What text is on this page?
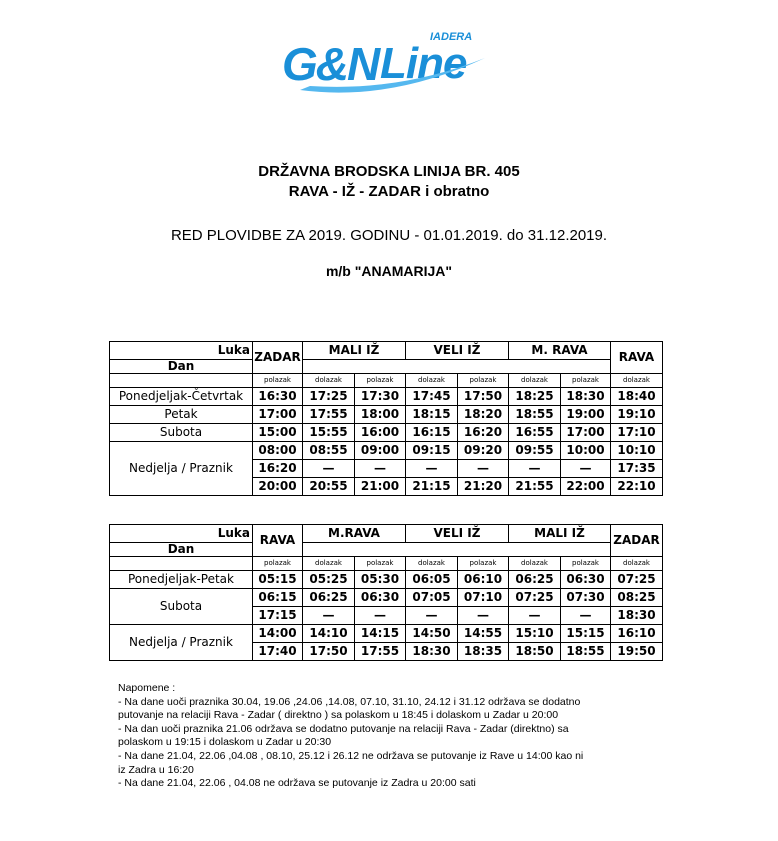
G&N Line
IADERA
DRŽAVNA BRODSKA LINIJA BR. 405
RAVA - IŽ - ZADAR i obratno
RED PLOVIDBE ZA 2019. GODINU - 01.01.2019. do 31.12.2019.
m/b "ANAMARIJA"
Luka	ZADAR	MALI IŽ		VELI IŽ		M. RAVA		RAVA
Dan								
	polazak	dolazak	polazak	dolazak	polazak	dolazak	polazak	dolazak
Ponedjeljak-Četvrtak	16:30	17:25	17:30	17:45	17:50	18:25	18:30	18:40
Petak	17:00	17:55	18:00	18:15	18:20	18:55	19:00	19:10
Subota	15:00	15:55	16:00	16:15	16:20	16:55	17:00	17:10
Nedjelja / Praznik	08:00	08:55	09:00	09:15	09:20	09:55	10:00	10:10
	16:20	—	—	—	—	—	—	17:35
	20:00	20:55	21:00	21:15	21:20	21:55	22:00	22:10
Luka	RAVA	M.RAVA		VELI IŽ		MALI IŽ		ZADAR
Dan								
	polazak	dolazak	polazak	dolazak	polazak	dolazak	polazak	dolazak
Ponedjeljak-Petak	05:15	05:25	05:30	06:05	06:10	06:25	06:30	07:25
Subota	06:15	06:25	06:30	07:05	07:10	07:25	07:30	08:25
	17:15	—	—	—	—	—	—	18:30
Nedjelja / Praznik	14:00	14:10	14:15	14:50	14:55	15:10	15:15	16:10
	17:40	17:50	17:55	18:30	18:35	18:50	18:55	19:50
Napomene :
- Na dane uoči praznika 30.04, 19.06 ,24.06 ,14.08, 07.10, 31.10, 24.12 i 31.12 održava se dodatno
putovanje na relaciji Rava - Zadar ( direktno ) sa polaskom u 18:45 i dolaskom u Zadar u 20:00
- Na dan uoči praznika 21.06 održava se dodatno putovanje na relaciji Rava - Zadar (direktno) sa
polaskom u 19:15 i dolaskom u Zadar u 20:30
- Na dane 21.04, 22.06 ,04.08 , 08.10, 25.12 i 26.12 ne održava se putovanje iz Rave u 14:00 kao ni
iz Zadra u 16:20
- Na dane 21.04, 22.06 , 04.08 ne održava se putovanje iz Zadra u 20:00 sati
